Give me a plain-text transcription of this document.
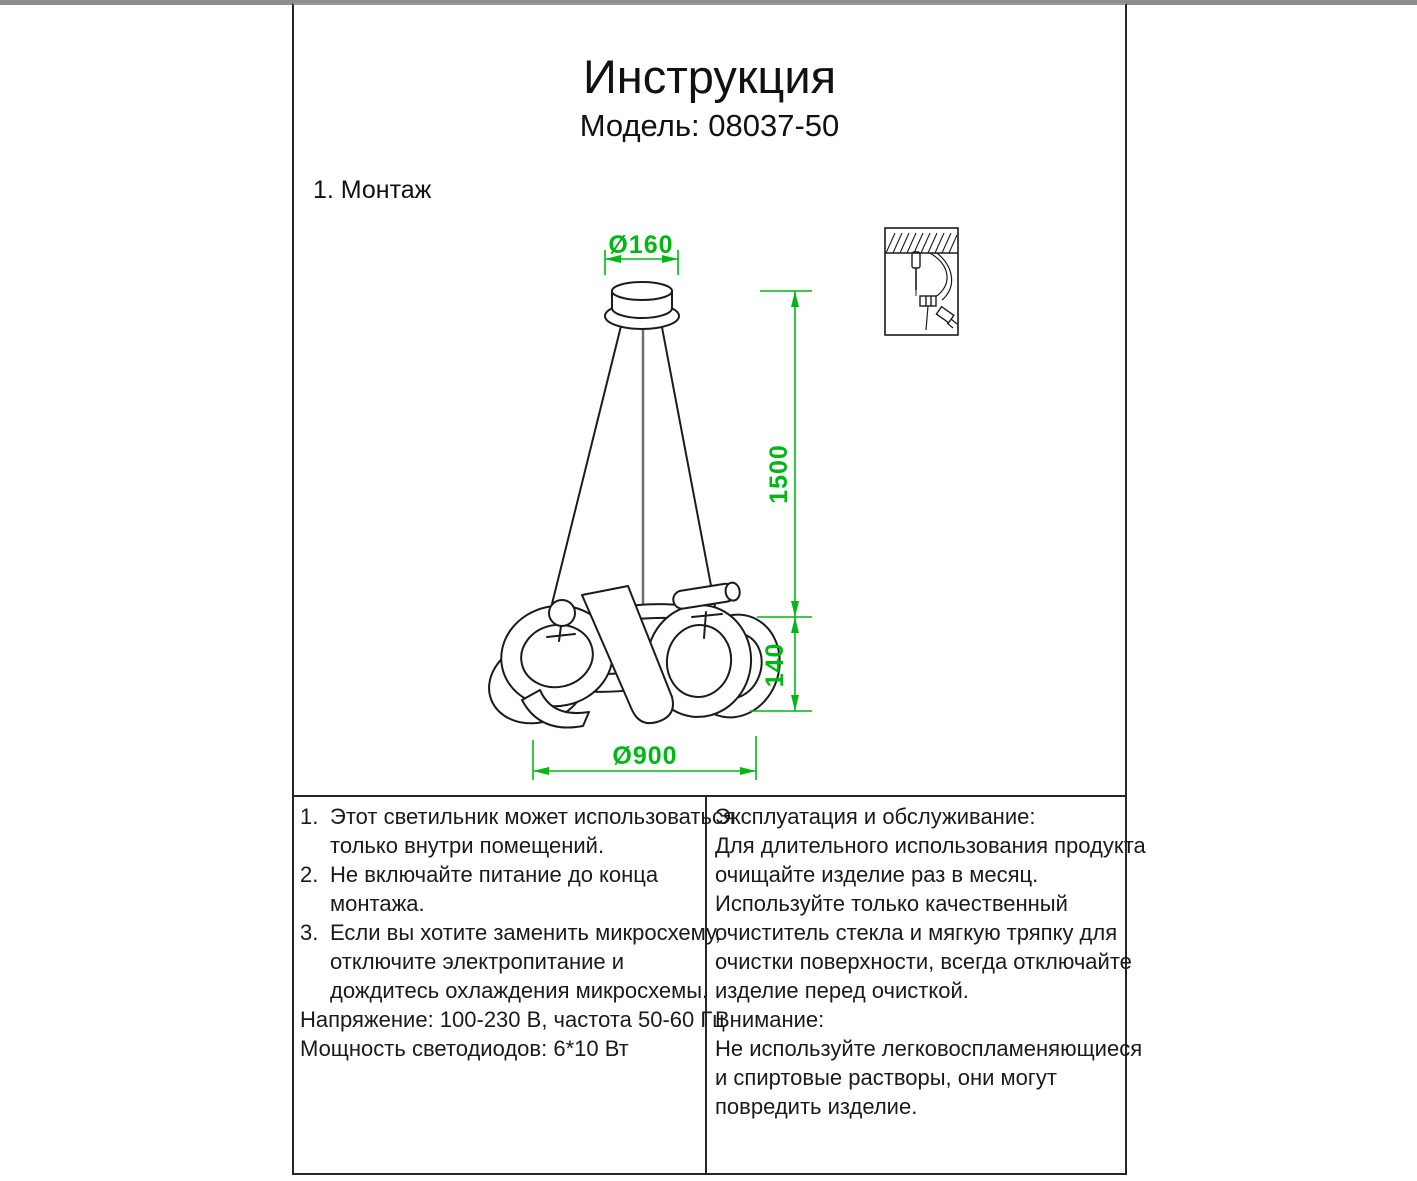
Инструкция
Модель: 08037-50
1. Монтаж
Ø160
1500
140
Ø900
1. Этот светильник может использоваться
только внутри помещений.
2. Не включайте питание до конца
монтажа.
3. Если вы хотите заменить микросхему,
отключите электропитание и
дождитесь охлаждения микросхемы.
Напряжение: 100-230 В, частота 50-60 Гц
Мощность светодиодов: 6*10 Вт
Эксплуатация и обслуживание:
Для длительного использования продукта
очищайте изделие раз в месяц.
Используйте только качественный
очиститель стекла и мягкую тряпку для
очистки поверхности, всегда отключайте
изделие перед очисткой.
Внимание:
Не используйте легковоспламеняющиеся
и спиртовые растворы, они могут
повредить изделие.
